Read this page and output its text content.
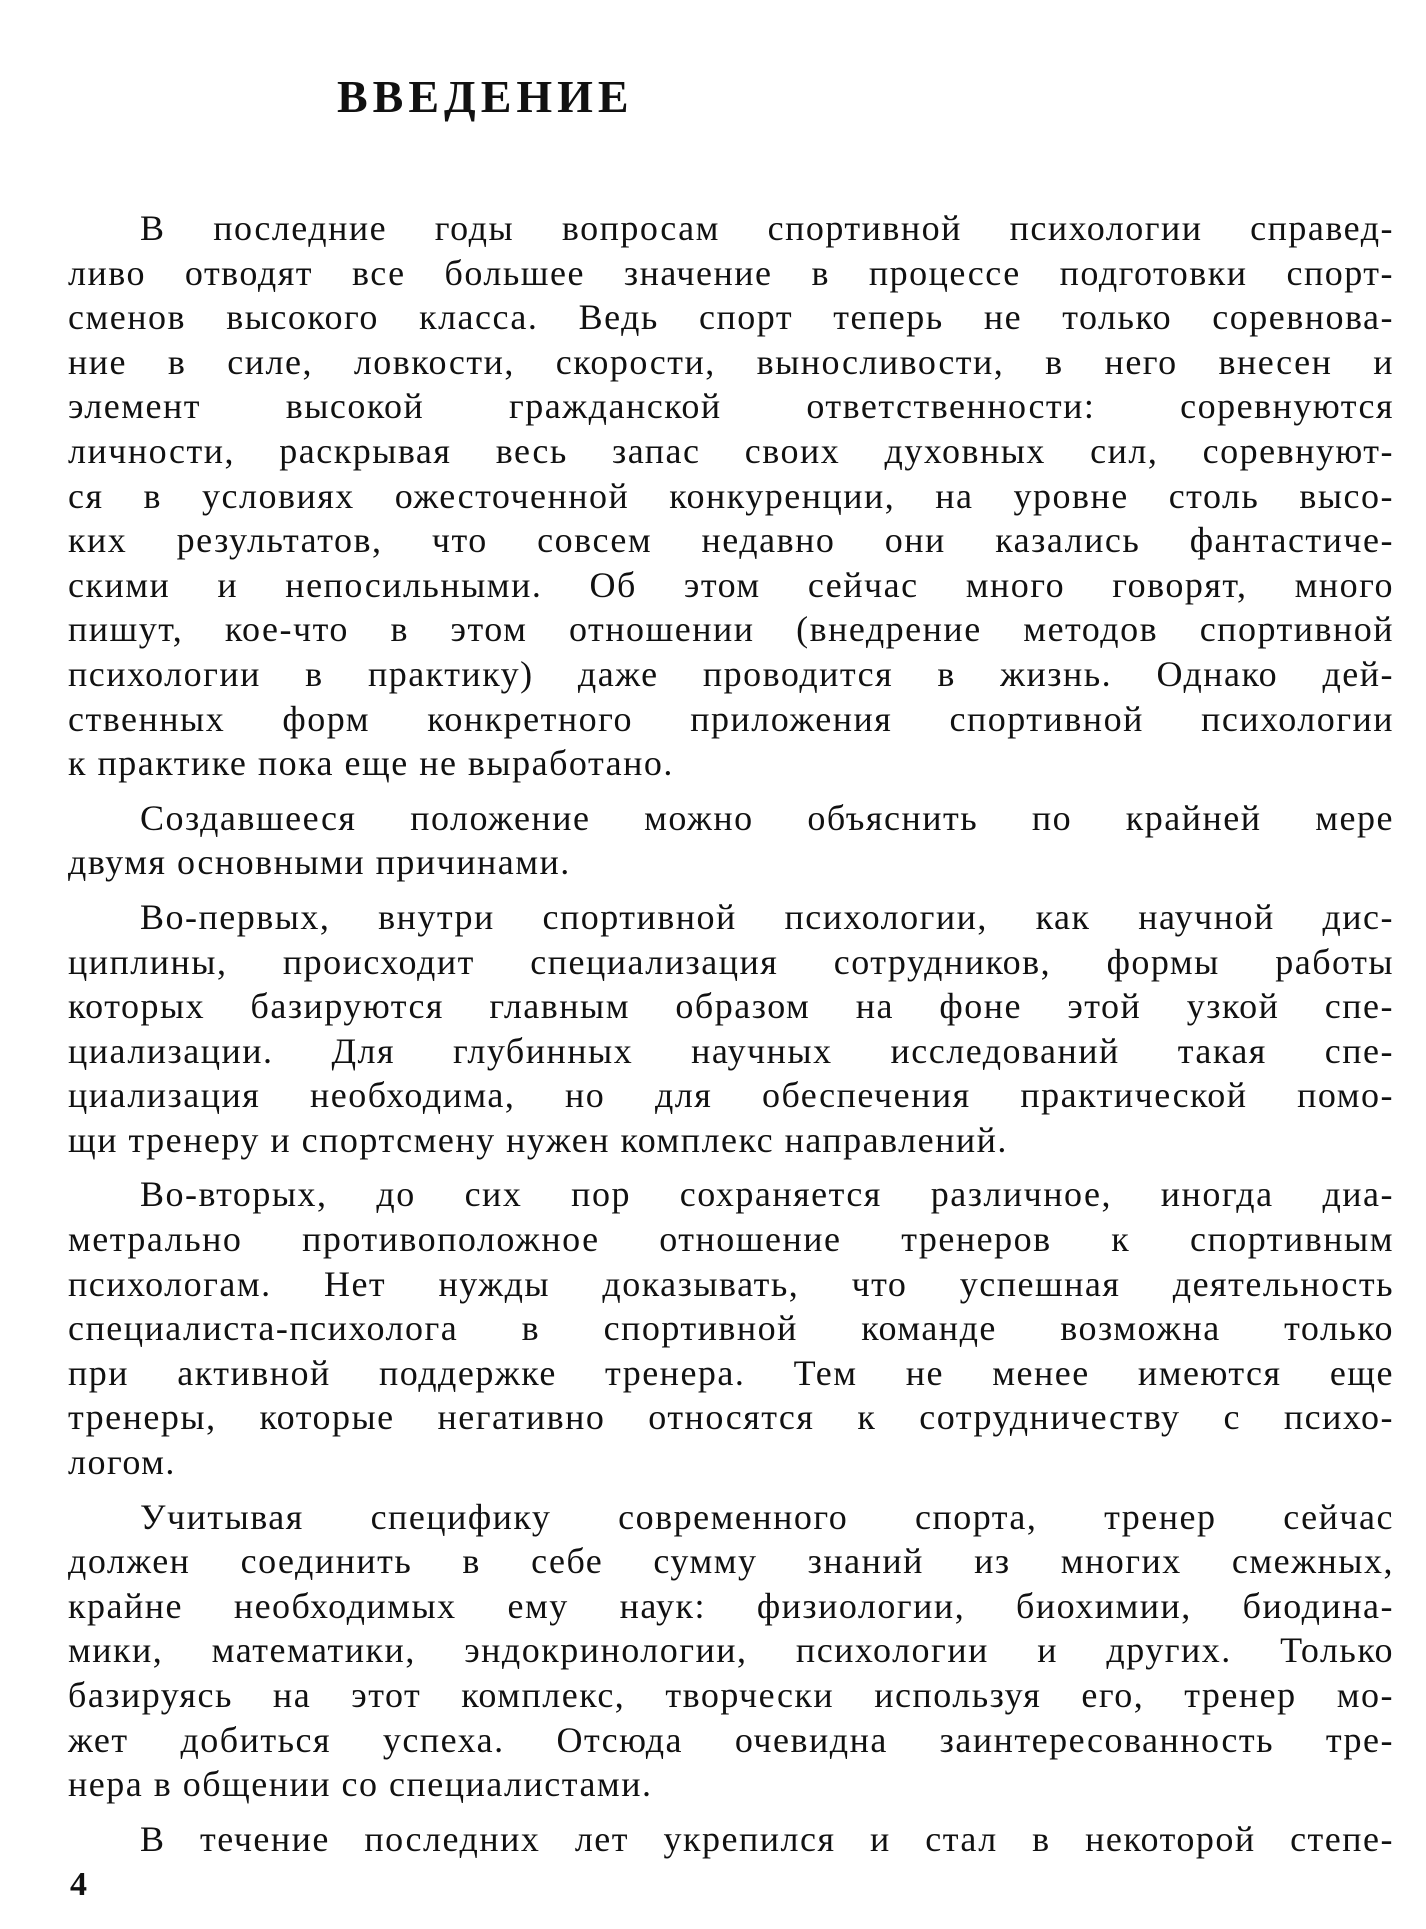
ВВЕДЕНИЕ
В последние годы вопросам спортивной психологии справед-
ливо отводят все большее значение в процессе подготовки спорт-
сменов высокого класса. Ведь спорт теперь не только соревнова-
ние в силе, ловкости, скорости, выносливости, в него внесен и
элемент высокой гражданской ответственности: соревнуются
личности, раскрывая весь запас своих духовных сил, соревнуют-
ся в условиях ожесточенной конкуренции, на уровне столь высо-
ких результатов, что совсем недавно они казались фантастиче-
скими и непосильными. Об этом сейчас много говорят, много
пишут, кое-что в этом отношении (внедрение методов спортивной
психологии в практику) даже проводится в жизнь. Однако дей-
ственных форм конкретного приложения спортивной психологии
к практике пока еще не выработано.
Создавшееся положение можно объяснить по крайней мере
двумя основными причинами.
Во-первых, внутри спортивной психологии, как научной дис-
циплины, происходит специализация сотрудников, формы работы
которых базируются главным образом на фоне этой узкой спе-
циализации. Для глубинных научных исследований такая спе-
циализация необходима, но для обеспечения практической помо-
щи тренеру и спортсмену нужен комплекс направлений.
Во-вторых, до сих пор сохраняется различное, иногда диа-
метрально противоположное отношение тренеров к спортивным
психологам. Нет нужды доказывать, что успешная деятельность
специалиста-психолога в спортивной команде возможна только
при активной поддержке тренера. Тем не менее имеются еще
тренеры, которые негативно относятся к сотрудничеству с психо-
логом.
Учитывая специфику современного спорта, тренер сейчас
должен соединить в себе сумму знаний из многих смежных,
крайне необходимых ему наук: физиологии, биохимии, биодина-
мики, математики, эндокринологии, психологии и других. Только
базируясь на этот комплекс, творчески используя его, тренер мо-
жет добиться успеха. Отсюда очевидна заинтересованность тре-
нера в общении со специалистами.
В течение последних лет укрепился и стал в некоторой степе-
4
